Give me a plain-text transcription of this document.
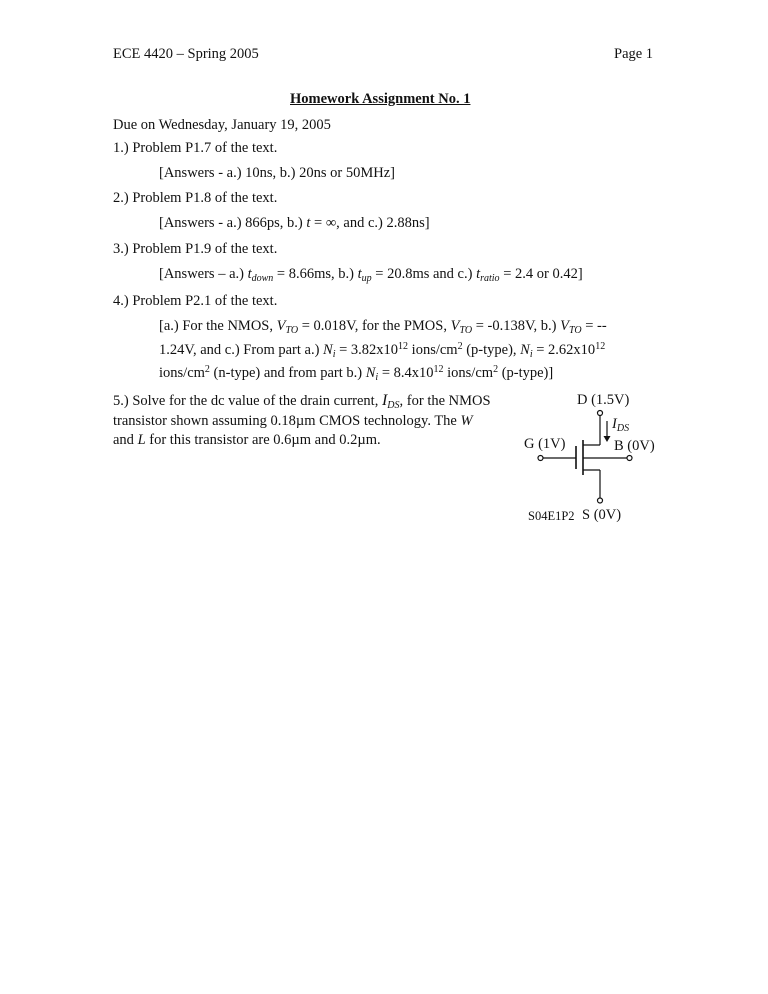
ECE 4420 – Spring 2005	Page 1
Homework Assignment No. 1
Due on Wednesday, January 19, 2005
1.) Problem P1.7 of the text.
[Answers - a.) 10ns, b.) 20ns or 50MHz]
2.) Problem P1.8 of the text.
[Answers - a.) 866ps, b.) t = ∞, and c.) 2.88ns]
3.) Problem P1.9 of the text.
[Answers – a.) $t_{down} = 8.66ms$, b.) $t_{up} = 20.8ms$ and c.) $t_{ratio} = 2.4$ or 0.42]
4.) Problem P2.1 of the text.
[a.) For the NMOS, $V_{TO} = 0.018V$, for the PMOS, $V_{TO} = -0.138V$, b.) $V_{TO}$ = --
1.24V, and c.) From part a.) $N_i = 3.82x10^{12}$ ions/$cm^2$ (p-type), $N_i = 2.62x10^{12}$
ions/$cm^2$ (n-type) and from part b.) $N_i = 8.4x10^{12}$ ions/$cm^2$ (p-type)]
5.) Solve for the dc value of the drain current, $I_{DS}$, for the NMOS
transistor shown assuming 0.18µm CMOS technology. The W
and L for this transistor are 0.6µm and 0.2µm.
D (1.5V)
$I_{DS}$
G (1V)	B (0V)
S04E1P2 S (0V)
